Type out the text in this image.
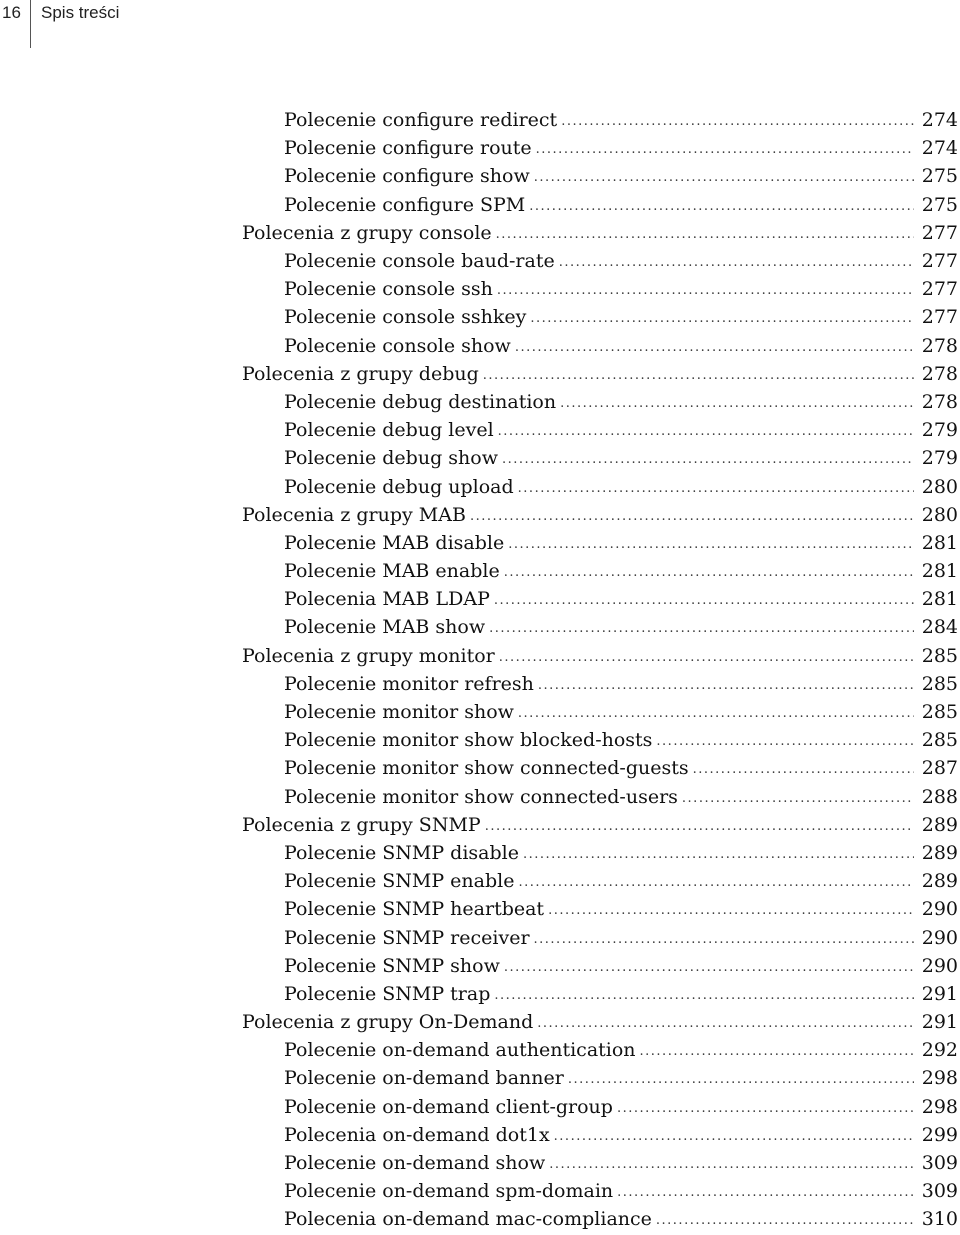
16 Spis treści
Polecenie configure redirect .....	274
Polecenie configure route .....	274
Polecenie configure show .....	275
Polecenie configure SPM .....	275
Polecenia z grupy console .....	277
Polecenie console baud-rate .....	277
Polecenie console ssh .....	277
Polecenie console sshkey .....	277
Polecenie console show .....	278
Polecenia z grupy debug .....	278
Polecenie debug destination .....	278
Polecenie debug level .....	279
Polecenie debug show .....	279
Polecenie debug upload .....	280
Polecenia z grupy MAB .....	280
Polecenie MAB disable .....	281
Polecenie MAB enable .....	281
Polecenia MAB LDAP .....	281
Polecenie MAB show .....	284
Polecenia z grupy monitor .....	285
Polecenie monitor refresh .....	285
Polecenie monitor show .....	285
Polecenie monitor show blocked-hosts .....	285
Polecenie monitor show connected-guests .....	287
Polecenie monitor show connected-users .....	288
Polecenia z grupy SNMP .....	289
Polecenie SNMP disable .....	289
Polecenie SNMP enable .....	289
Polecenie SNMP heartbeat .....	290
Polecenie SNMP receiver .....	290
Polecenie SNMP show .....	290
Polecenie SNMP trap .....	291
Polecenia z grupy On-Demand .....	291
Polecenie on-demand authentication .....	292
Polecenie on-demand banner .....	298
Polecenie on-demand client-group .....	298
Polecenia on-demand dot1x .....	299
Polecenie on-demand show .....	309
Polecenie on-demand spm-domain .....	309
Polecenia on-demand mac-compliance .....	310
